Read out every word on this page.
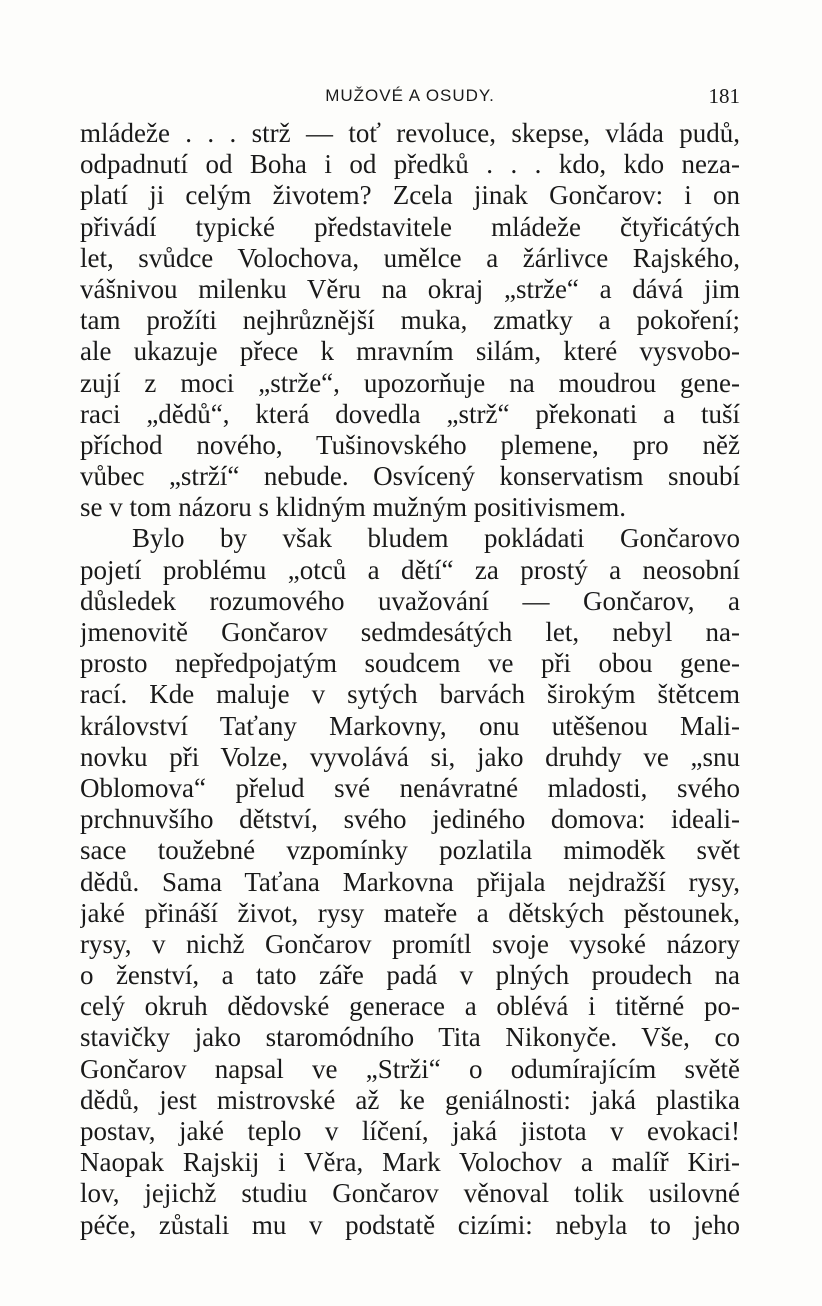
MUŽOVÉ A OSUDY.	181
mládeže . . . strž — toť revoluce, skepse, vláda pudů,
odpadnutí od Boha i od předků . . . kdo, kdo neza-
platí ji celým životem? Zcela jinak Gončarov: i on
přivádí typické představitele mládeže čtyřicátých
let, svůdce Volochova, umělce a žárlivce Rajského,
vášnivou milenku Věru na okraj „strže“ a dává jim
tam prožíti nejhrůznější muka, zmatky a pokoření;
ale ukazuje přece k mravním silám, které vysvobo-
zují z moci „strže“, upozorňuje na moudrou gene-
raci „dědů“, která dovedla „strž“ překonati a tuší
příchod nového, Tušinovského plemene, pro něž
vůbec „strží“ nebude. Osvícený konservatism snoubí
se v tom názoru s klidným mužným positivismem.
Bylo by však bludem pokládati Gončarovo
pojetí problému „otců a dětí“ za prostý a neosobní
důsledek rozumového uvažování — Gončarov, a
jmenovitě Gončarov sedmdesátých let, nebyl na-
prosto nepředpojatým soudcem ve při obou gene-
rací. Kde maluje v sytých barvách širokým štětcem
království Taťany Markovny, onu utěšenou Mali-
novku při Volze, vyvolává si, jako druhdy ve „snu
Oblomova“ přelud své nenávratné mladosti, svého
prchnuvšího dětství, svého jediného domova: ideali-
sace toužebné vzpomínky pozlatila mimoděk svět
dědů. Sama Taťana Markovna přijala nejdražší rysy,
jaké přináší život, rysy mateře a dětských pěstounek,
rysy, v nichž Gončarov promítl svoje vysoké názory
o ženství, a tato záře padá v plných proudech na
celý okruh dědovské generace a oblévá i titěrné po-
stavičky jako staromódního Tita Nikonyče. Vše, co
Gončarov napsal ve „Strži“ o odumírajícím světě
dědů, jest mistrovské až ke geniálnosti: jaká plastika
postav, jaké teplo v líčení, jaká jistota v evokaci!
Naopak Rajskij i Věra, Mark Volochov a malíř Kiri-
lov, jejichž studiu Gončarov věnoval tolik usilovné
péče, zůstali mu v podstatě cizími: nebyla to jeho
